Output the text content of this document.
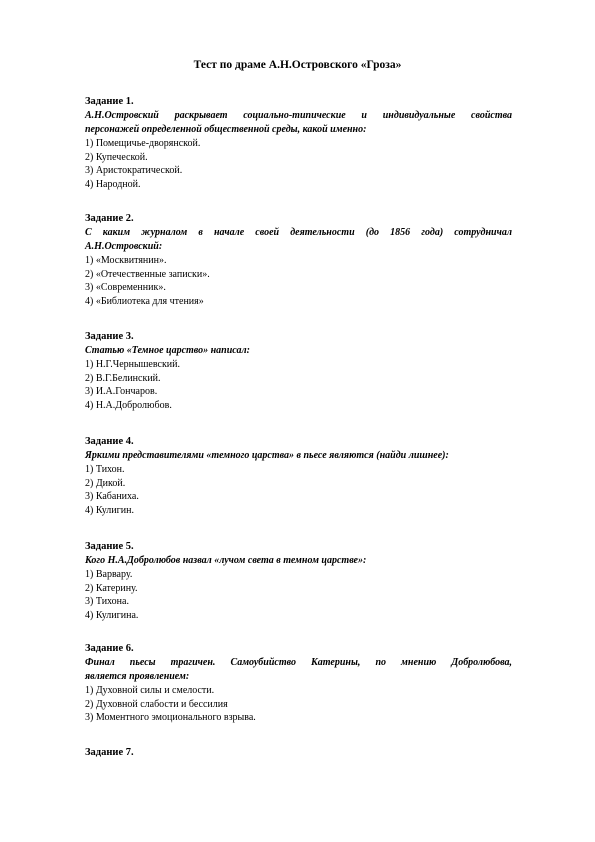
Тест по драме А.Н.Островского «Гроза»

Задание 1.

А.Н.Островский раскрывает социально-типические и индивидуальные свойства

персонажей определенной общественной среды, какой именно:

1) Помещичье-дворянской.
2) Купеческой.
3) Аристократической.
4) Народной.

Задание 2.

С каким журналом в начале своей деятельности (до 1856 года) сотрудничал

А.Н.Островский:

1) «Москвитянин».
2) «Отечественные записки».
3) «Современник».
4) «Библиотека для чтения»

Задание 3.

Статью «Темное царство» написал:

1) Н.Г.Чернышевский.
2) В.Г.Белинский.
3) И.А.Гончаров.
4) Н.А.Добролюбов.

Задание 4.

Яркими представителями «темного царства» в пьесе являются (найди лишнее):

1) Тихон.
2) Дикой.
3) Кабаниха.
4) Кулигин.

Задание 5.

Кого Н.А.Добролюбов назвал «лучом света в темном царстве»:

1) Варвару.
2) Катерину.
3) Тихона.
4) Кулигина.

Задание 6.

Финал пьесы трагичен. Самоубийство Катерины, по мнению Добролюбова,

является проявлением:

1) Духовной силы и смелости.
2) Духовной слабости и бессилия
3) Моментного эмоционального взрыва.

Задание 7.
